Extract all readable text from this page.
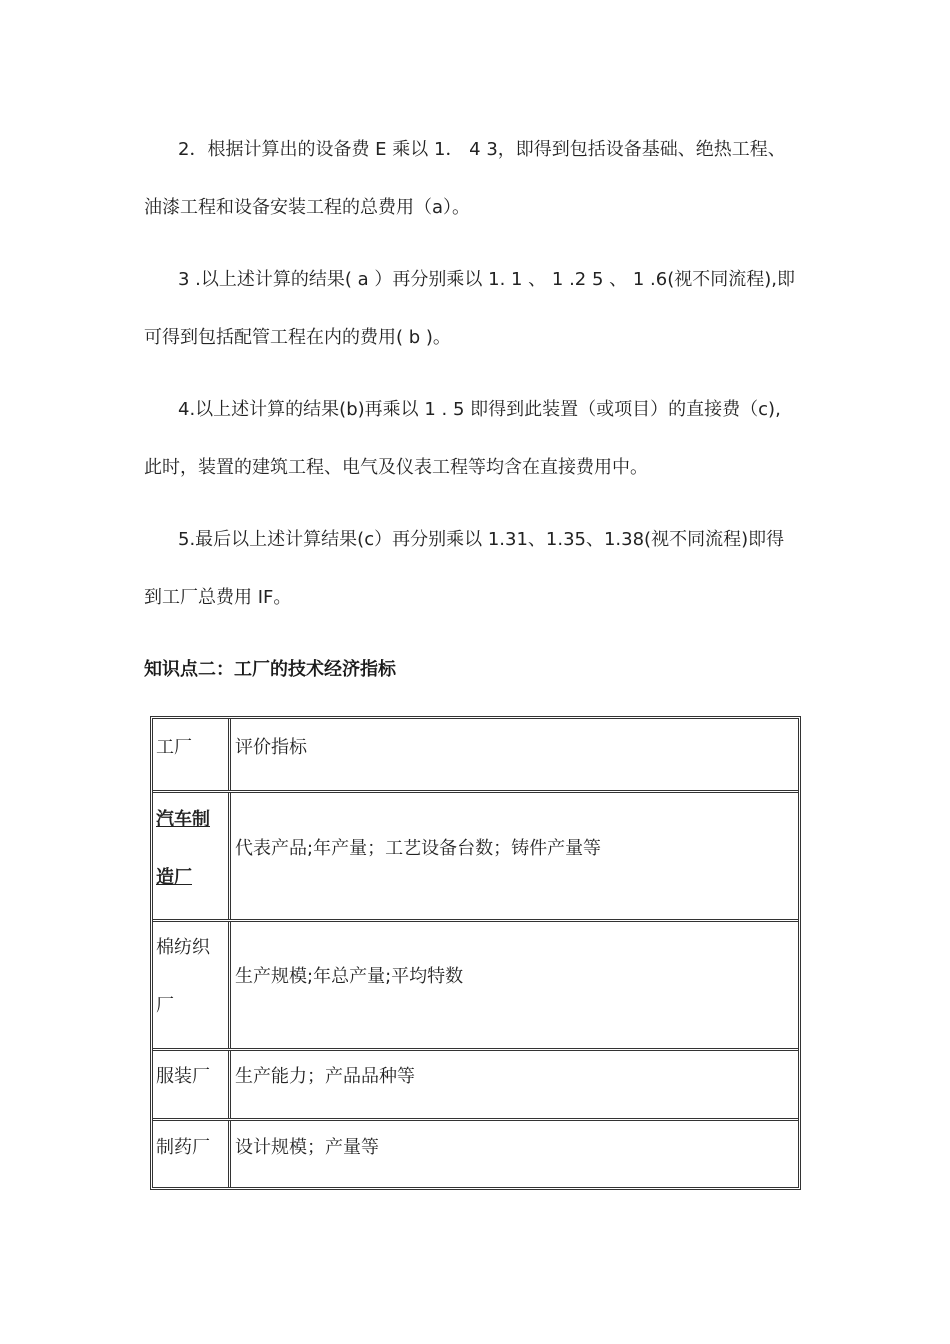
2．根据计算出的设备费 E 乘以 1． 4 3，即得到包括设备基础、绝热工程、
油漆工程和设备安装工程的总费用（a）。
3 .以上述计算的结果( a ）再分别乘以 1. 1 、 1 .2 5 、 1 .6(视不同流程),即
可得到包括配管工程在内的费用( b )。
4.以上述计算的结果(b)再乘以 1 . 5 即得到此装置（或项目）的直接费（c),
此时，装置的建筑工程、电气及仪表工程等均含在直接费用中。
5.最后以上述计算结果(c）再分别乘以 1.31、1.35、1.38(视不同流程)即得
到工厂总费用 IF。
知识点二：工厂的技术经济指标
工厂 评价指标
汽车制
造厂
代表产品;年产量；工艺设备台数；铸件产量等
棉纺织
厂
生产规模;年总产量;平均特数
服装厂 生产能力；产品品种等
制药厂 设计规模；产量等
